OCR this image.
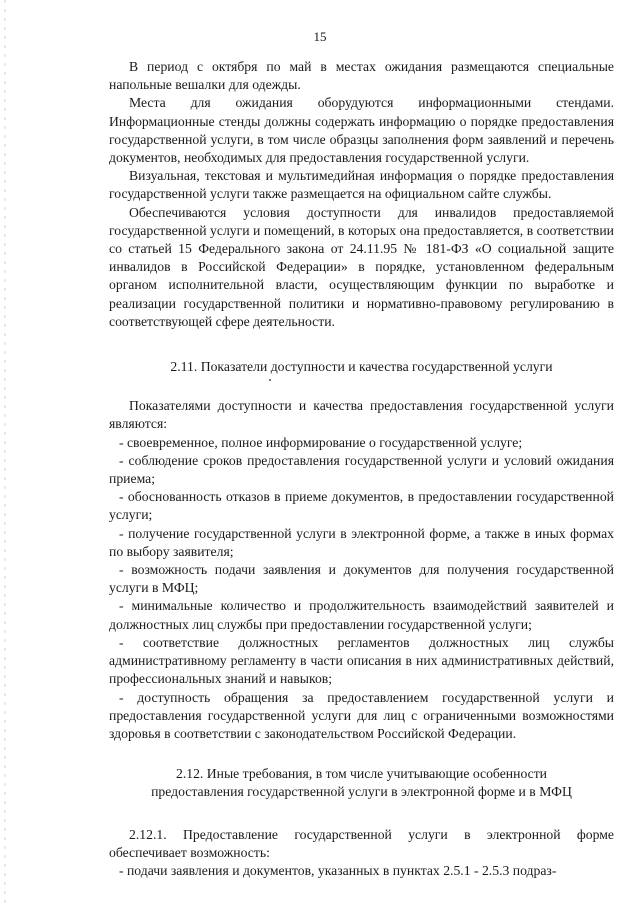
15

В период с октября по май в местах ожидания размещаются специальные напольные вешалки для одежды.

Места для ожидания оборудуются информационными стендами. Информационные стенды должны содержать информацию о порядке предоставления государственной услуги, в том числе образцы заполнения форм заявлений и перечень документов, необходимых для предоставления государственной услуги.

Визуальная, текстовая и мультимедийная информация о порядке предоставления государственной услуги также размещается на официальном сайте службы.

Обеспечиваются условия доступности для инвалидов предоставляемой государственной услуги и помещений, в которых она предоставляется, в соответствии со статьей 15 Федерального закона от 24.11.95 № 181-ФЗ «О социальной защите инвалидов в Российской Федерации» в порядке, установленном федеральным органом исполнительной власти, осуществляющим функции по выработке и реализации государственной политики и нормативно-правовому регулированию в соответствующей сфере деятельности.

2.11. Показатели доступности и качества государственной услуги

Показателями доступности и качества предоставления государственной услуги являются:

- своевременное, полное информирование о государственной услуге;

- соблюдение сроков предоставления государственной услуги и условий ожидания приема;

- обоснованность отказов в приеме документов, в предоставлении государственной услуги;

- получение государственной услуги в электронной форме, а также в иных формах по выбору заявителя;

- возможность подачи заявления и документов для получения государственной услуги в МФЦ;

- минимальные количество и продолжительность взаимодействий заявителей и должностных лиц службы при предоставлении государственной услуги;

- соответствие должностных регламентов должностных лиц службы административному регламенту в части описания в них административных действий, профессиональных знаний и навыков;

- доступность обращения за предоставлением государственной услуги и предоставления государственной услуги для лиц с ограниченными возможностями здоровья в соответствии с законодательством Российской Федерации.

2.12. Иные требования, в том числе учитывающие особенности

предоставления государственной услуги в электронной форме и в МФЦ

2.12.1. Предоставление государственной услуги в электронной форме обеспечивает возможность:

- подачи заявления и документов, указанных в пунктах 2.5.1 - 2.5.3 подраз-
